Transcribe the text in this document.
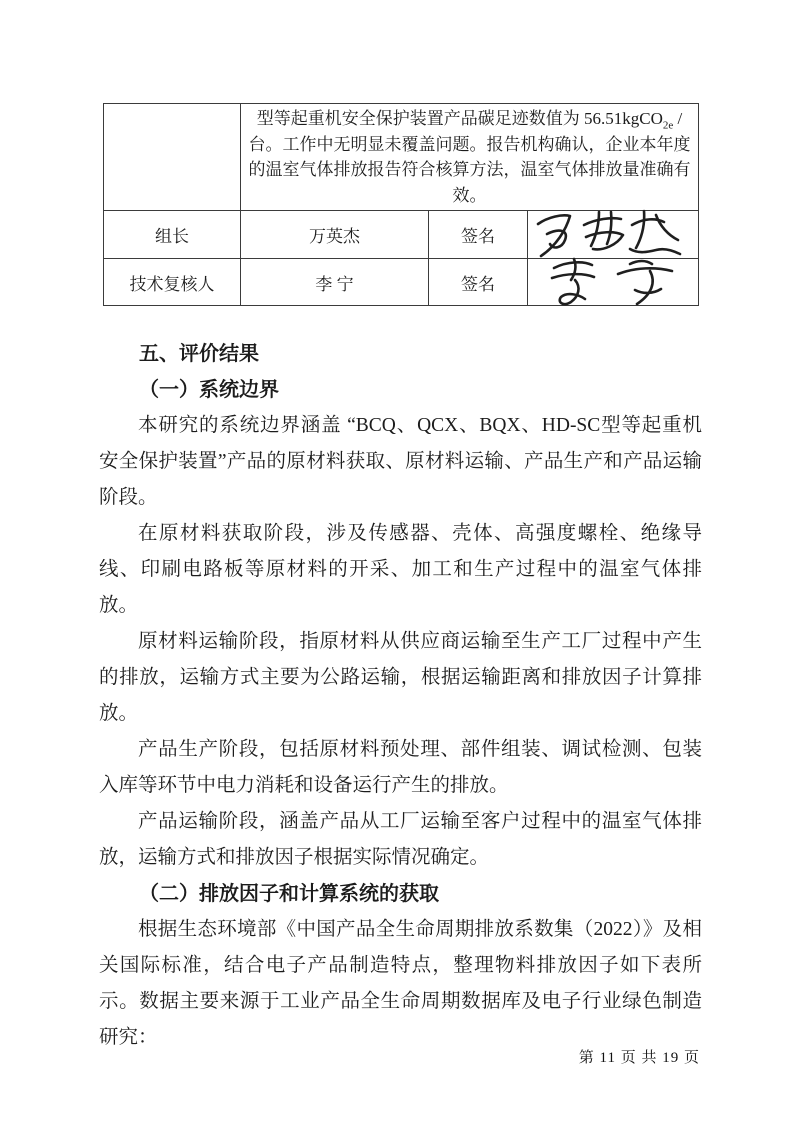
	型等起重机安全保护装置产品碳足迹数值为 56.51kgCO$_{2e}$ /台。工作中无明显未覆盖问题。报告机构确认，企业本年度的温室气体排放报告符合核算方法，温室气体排放量准确有效。		
组长	万英杰	签名	

技术复核人	李 宁	签名	
五、评价结果
（一）系统边界

本研究的系统边界涵盖 “BCQ、QCX、BQX、HD-SC型等起重机安全保护装置”产品的原材料获取、原材料运输、产品生产和产品运输阶段。

在原材料获取阶段，涉及传感器、壳体、高强度螺栓、绝缘导线、印刷电路板等原材料的开采、加工和生产过程中的温室气体排放。

原材料运输阶段，指原材料从供应商运输至生产工厂过程中产生的排放，运输方式主要为公路运输，根据运输距离和排放因子计算排放。

产品生产阶段，包括原材料预处理、部件组装、调试检测、包装入库等环节中电力消耗和设备运行产生的排放。

产品运输阶段，涵盖产品从工厂运输至客户过程中的温室气体排放，运输方式和排放因子根据实际情况确定。

（二）排放因子和计算系统的获取

根据生态环境部《中国产品全生命周期排放系数集（2022）》及相关国际标准，结合电子产品制造特点，整理物料排放因子如下表所示。数据主要来源于工业产品全生命周期数据库及电子行业绿色制造研究：

第 11 页 共 19 页
